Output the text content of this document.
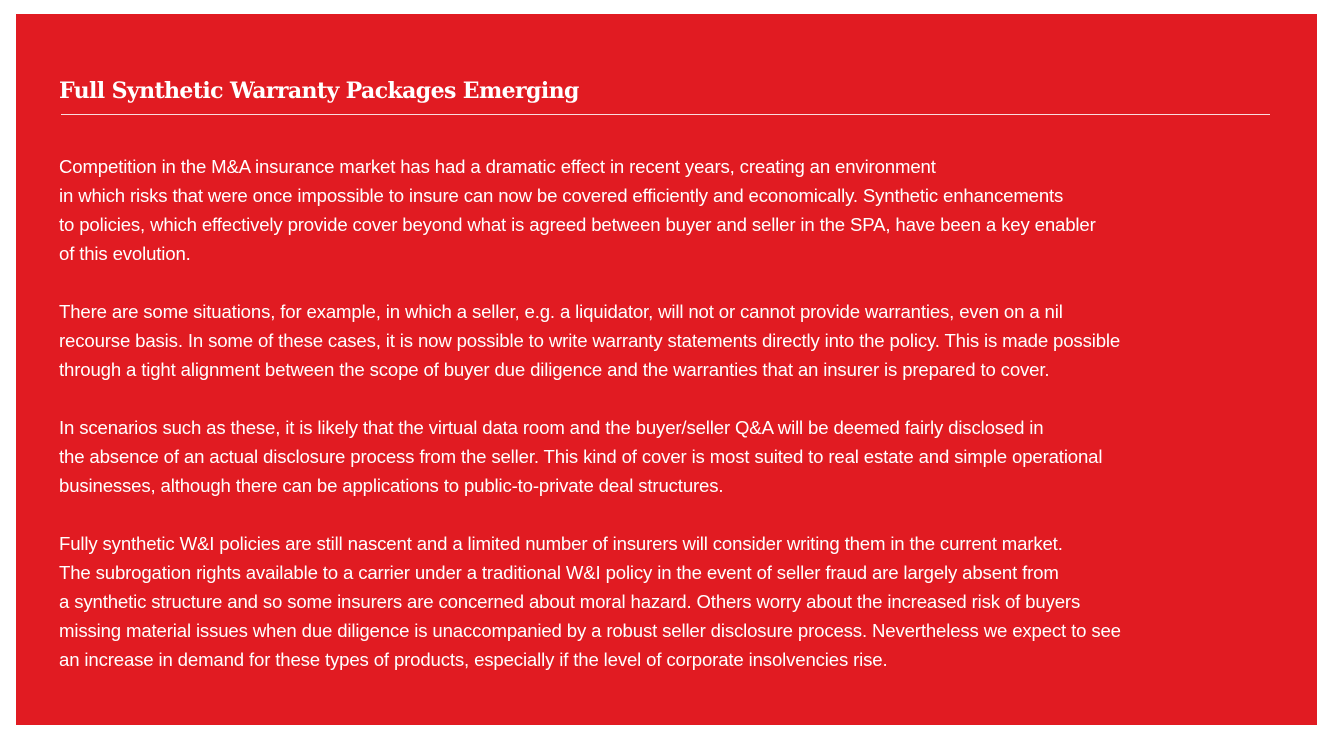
Full Synthetic Warranty Packages Emerging

Competition in the M&A insurance market has had a dramatic effect in recent years, creating an environment
in which risks that were once impossible to insure can now be covered efficiently and economically. Synthetic enhancements
to policies, which effectively provide cover beyond what is agreed between buyer and seller in the SPA, have been a key enabler
of this evolution.

There are some situations, for example, in which a seller, e.g. a liquidator, will not or cannot provide warranties, even on a nil
recourse basis. In some of these cases, it is now possible to write warranty statements directly into the policy. This is made possible
through a tight alignment between the scope of buyer due diligence and the warranties that an insurer is prepared to cover.

In scenarios such as these, it is likely that the virtual data room and the buyer/seller Q&A will be deemed fairly disclosed in
the absence of an actual disclosure process from the seller. This kind of cover is most suited to real estate and simple operational
businesses, although there can be applications to public-to-private deal structures.

Fully synthetic W&I policies are still nascent and a limited number of insurers will consider writing them in the current market.
The subrogation rights available to a carrier under a traditional W&I policy in the event of seller fraud are largely absent from
a synthetic structure and so some insurers are concerned about moral hazard. Others worry about the increased risk of buyers
missing material issues when due diligence is unaccompanied by a robust seller disclosure process. Nevertheless we expect to see
an increase in demand for these types of products, especially if the level of corporate insolvencies rise.
